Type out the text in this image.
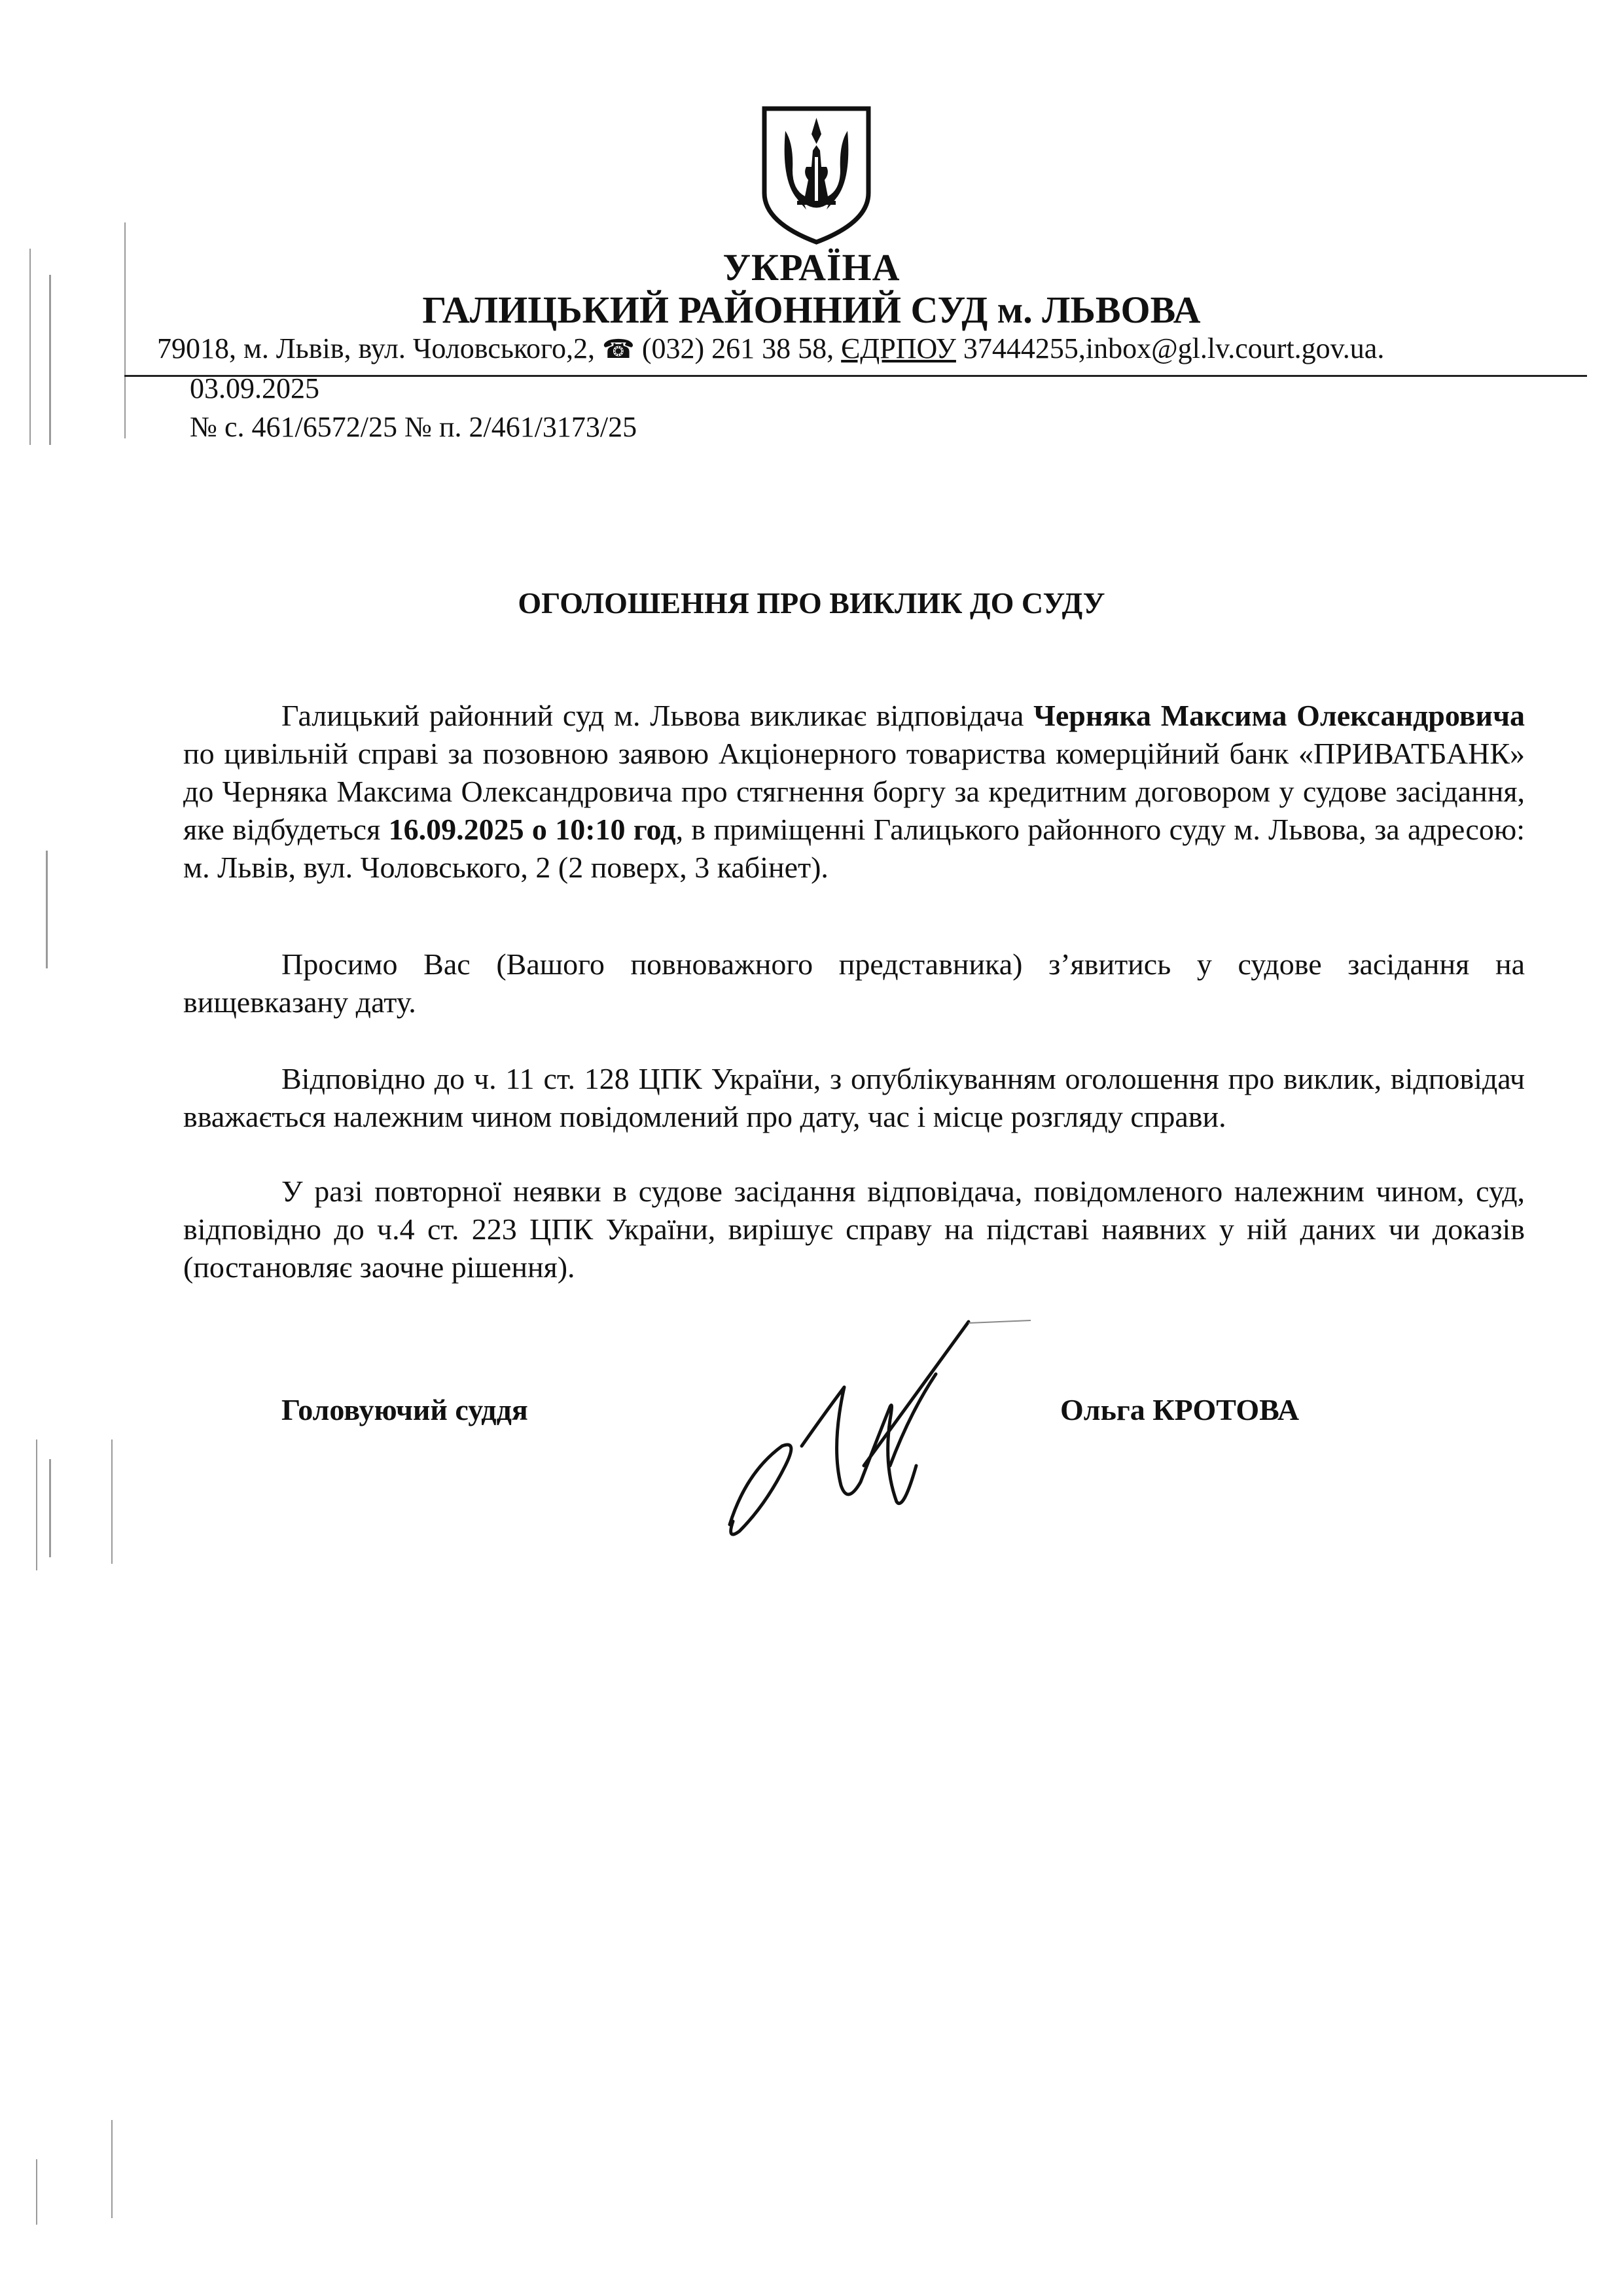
УКРАЇНА
ГАЛИЦЬКИЙ РАЙОННИЙ СУД м. ЛЬВОВА
79018, м. Львів, вул. Чоловського,2, ☎ (032) 261 38 58, ЄДРПОУ 37444255,inbox@gl.lv.court.gov.ua.
03.09.2025
№ с. 461/6572/25 № п. 2/461/3173/25
ОГОЛОШЕННЯ ПРО ВИКЛИК ДО СУДУ
Галицький районний суд м. Львова викликає відповідача Черняка Максима Олександровича по цивільній справі за позовною заявою Акціонерного товариства комерційний банк «ПРИВАТБАНК» до Черняка Максима Олександровича про стягнення боргу за кредитним договором у судове засідання, яке відбудеться 16.09.2025 о 10:10 год, в приміщенні Галицького районного суду м. Львова, за адресою: м. Львів, вул. Чоловського, 2 (2 поверх, 3 кабінет).
Просимо Вас (Вашого повноважного представника) з’явитись у судове засідання на вищевказану дату.
Відповідно до ч. 11 ст. 128 ЦПК України, з опублікуванням оголошення про виклик, відповідач вважається належним чином повідомлений про дату, час і місце розгляду справи.
У разі повторної неявки в судове засідання відповідача, повідомленого належним чином, суд, відповідно до ч.4 ст. 223 ЦПК України, вирішує справу на підставі наявних у ній даних чи доказів (постановляє заочне рішення).
Головуючий суддя	Ольга КРОТОВА
